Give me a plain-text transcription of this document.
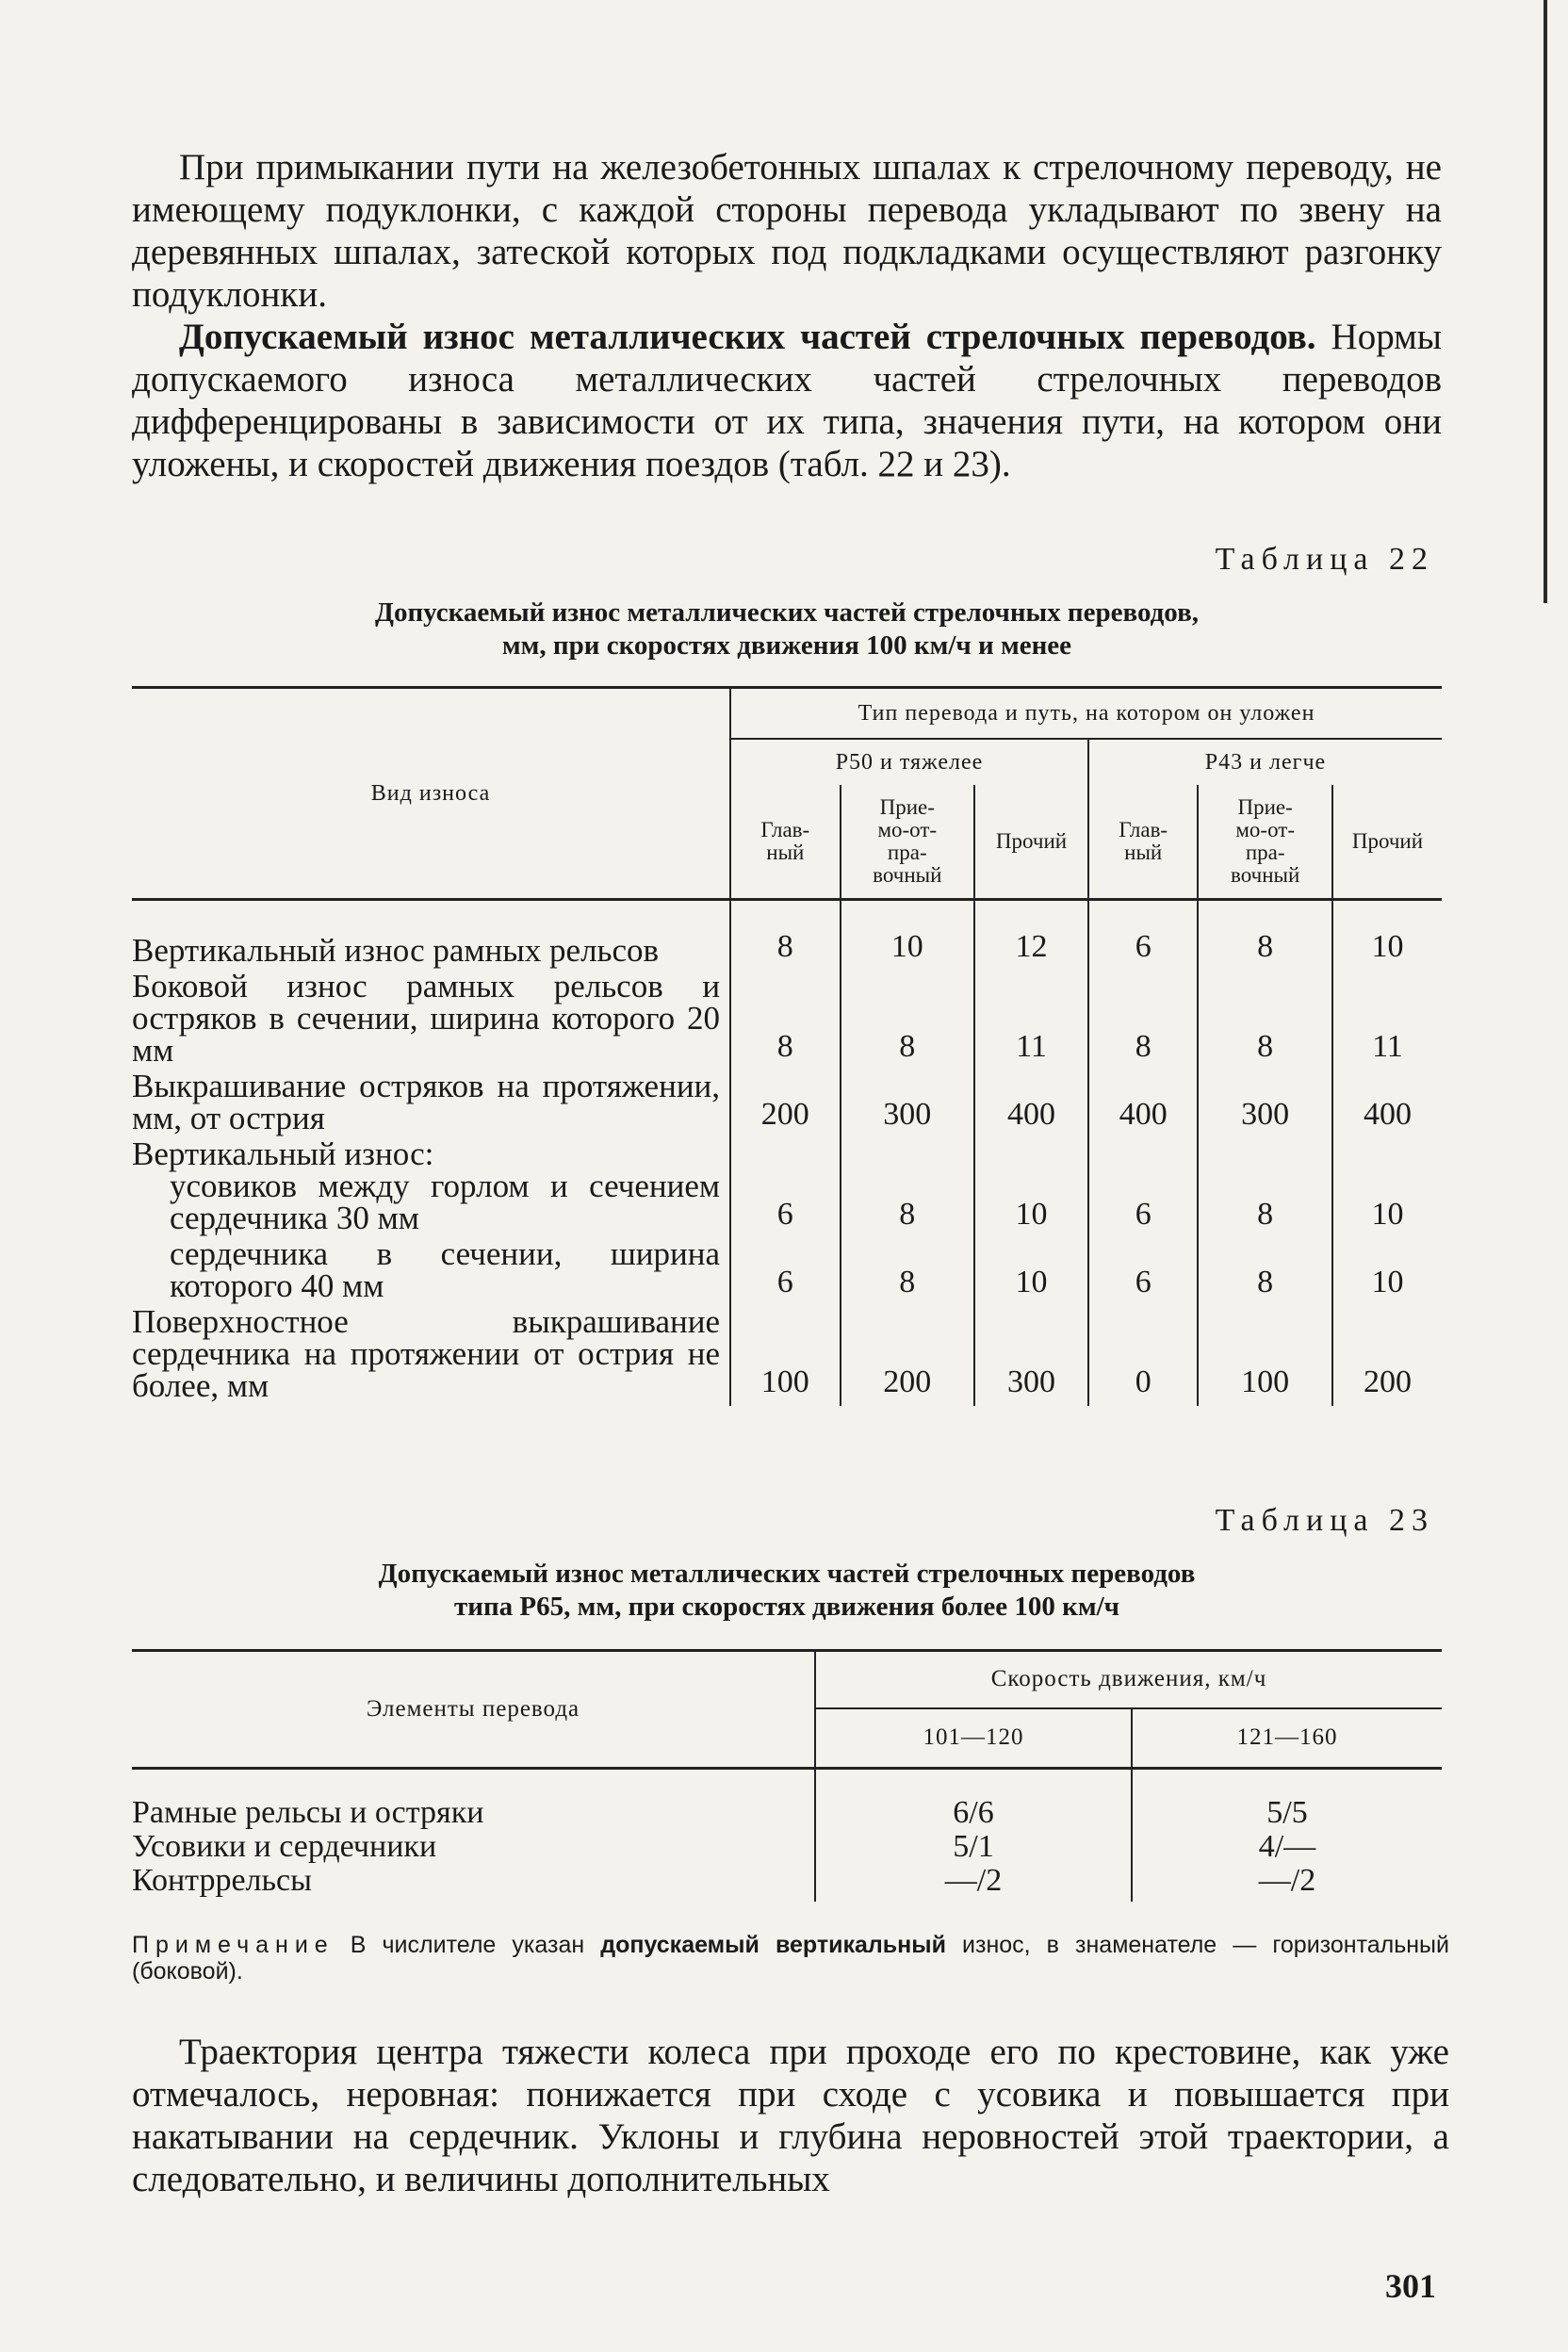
При примыкании пути на железобетонных шпалах к стрелочному переводу, не имеющему подуклонки, с каждой стороны перевода укладывают по звену на деревянных шпалах, затеской которых под подкладками осуществляют разгонку подуклонки.

Допускаемый износ металлических частей стрелочных переводов. Нормы допускаемого износа металлических частей стрелочных переводов дифференцированы в зависимости от их типа, значения пути, на котором они уложены, и скоростей движения поездов (табл. 22 и 23).

Таблица 22
Допускаемый износ металлических частей стрелочных переводов,
мм, при скоростях движения 100 км/ч и менее
Вид износа	Тип перевода и путь, на котором он уложен					
	Р50 и тяжелее			Р43 и легче		
	Глав-
ный	Прие-
мо-от-
пра-
вочный	Прочий	Глав-
ный	Прие-
мо-от-
пра-
вочный	Прочий
Вертикальный износ рамных рельсов	8	10	12	6	8	10
Боковой износ рамных рельсов и остряков в сечении, ширина которого 20 мм	8	8	11	8	8	11
Выкрашивание остряков на протяжении, мм, от острия	200	300	400	400	300	400

Вертикальный износ:
усовиков между горлом и сечением сердечника 30 мм	6	8	10	6	8	10

сердечника в сечении, ширина которого 40 мм	6	8	10	6	8	10
Поверхностное выкрашивание сердечника на протяжении от острия не более, мм	100	200	300	0	100	200
Таблица 23
Допускаемый износ металлических частей стрелочных переводов
типа Р65, мм, при скоростях движения более 100 км/ч
Элементы перевода	Скорость движения, км/ч	
	101—120	121—160
Рамные рельсы и остряки	6/6	5/5
Усовики и сердечники	5/1	4/—
Контррельсы	—/2	—/2
Примечание В числителе указан допускаемый вертикальный износ, в знаменателе — горизонтальный (боковой).

Траектория центра тяжести колеса при проходе его по крестовине, как уже отмечалось, неровная: понижается при сходе с усовика и повышается при накатывании на сердечник. Уклоны и глубина неровностей этой траектории, а следовательно, и величины дополнительных

301
